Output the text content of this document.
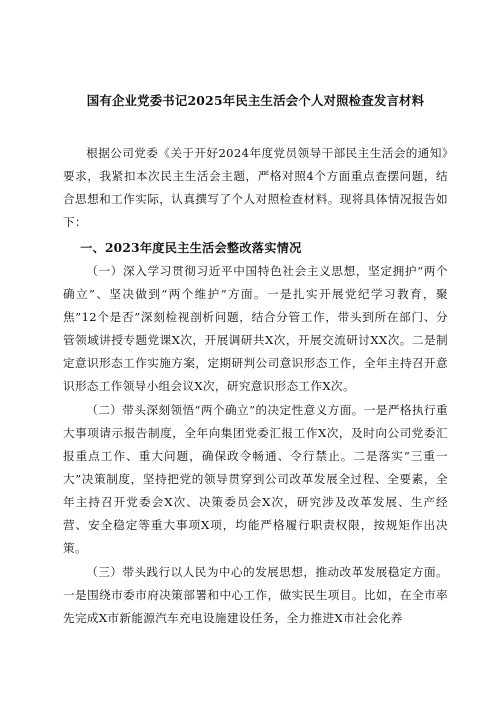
国有企业党委书记2025年民主生活会个人对照检查发言材料

根据公司党委《关于开好2024年度党员领导干部民主生活会的通知》要求，我紧扣本次民主生活会主题，严格对照4个方面重点查摆问题，结合思想和工作实际，认真撰写了个人对照检查材料。现将具体情况报告如下：

一、2023年度民主生活会整改落实情况

（一）深入学习贯彻习近平中国特色社会主义思想，坚定拥护“两个确立”、坚决做到“两个维护”方面。一是扎实开展党纪学习教育，聚焦”12个是否”深刻检视剖析问题，结合分管工作，带头到所在部门、分管领域讲授专题党课X次，开展调研共X次，开展交流研讨XX次。二是制定意识形态工作实施方案，定期研判公司意识形态工作，全年主持召开意识形态工作领导小组会议X次，研究意识形态工作X次。

（二）带头深刻领悟“两个确立”的决定性意义方面。一是严格执行重大事项请示报告制度，全年向集团党委汇报工作X次，及时向公司党委汇报重点工作、重大问题，确保政令畅通、令行禁止。二是落实“三重一大”决策制度，坚持把党的领导贯穿到公司改革发展全过程、全要素，全年主持召开党委会X次、决策委员会X次，研究涉及改革发展、生产经营、安全稳定等重大事项X项，均能严格履行职责权限，按规矩作出决策。

（三）带头践行以人民为中心的发展思想，推动改革发展稳定方面。一是围绕市委市府决策部署和中心工作，做实民生项目。比如，在全市率先完成X市新能源汽车充电设施建设任务，全力推进X市社会化养
